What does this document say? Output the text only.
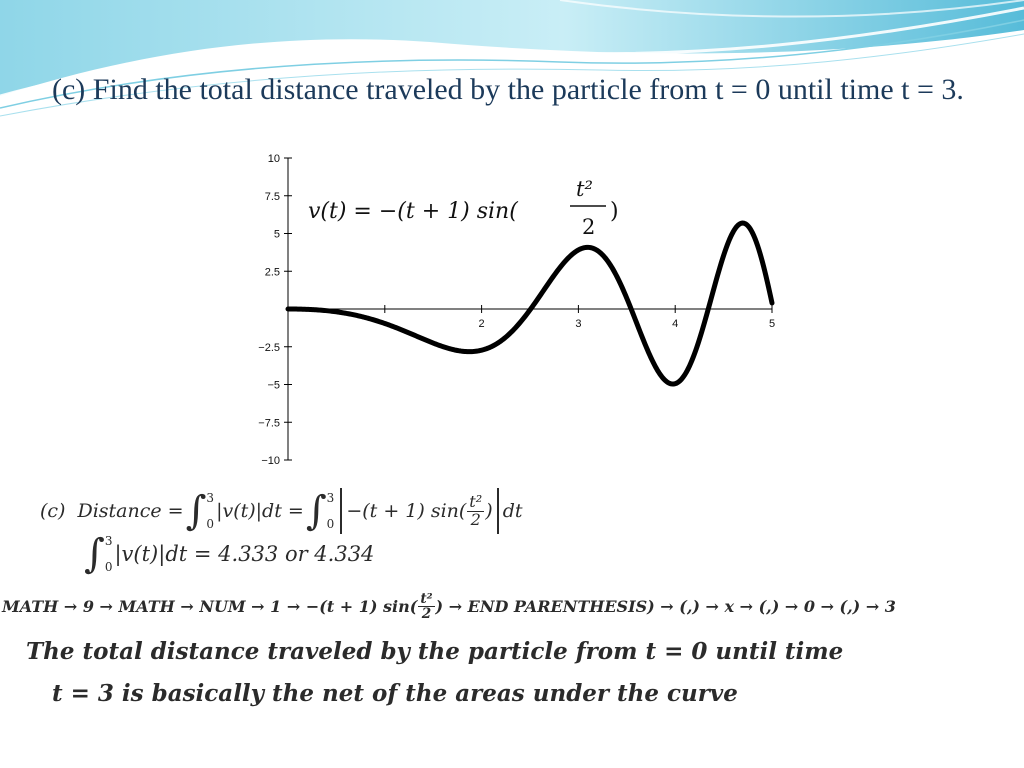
(c) Find the total distance traveled by the particle from t = 0 until time t = 3.
2	3	4	5
10
7.5
5
2.5
−2.5
−5
−7.5
−10
v(t) = −(t + 1) sin(
t²
2
)
(c) Distance = ∫ 3
0
|v(t)|dt = ∫ 3
0
−(t + 1) $\sin( \frac{\text{t²}}{2}$ ) dt
∫ 3
0
|v(t)|dt = 4.333 or 4.334
MATH → 9 → MATH → NUM → 1 → −(t + 1) $\sin( \frac{\text{t²}}{2}$ ) → END PARENTHESIS) → (,) → x → (,) → 0 → (,) → 3
The total distance traveled by the particle from t = 0 until time
t = 3 is basically the net of the areas under the curve
